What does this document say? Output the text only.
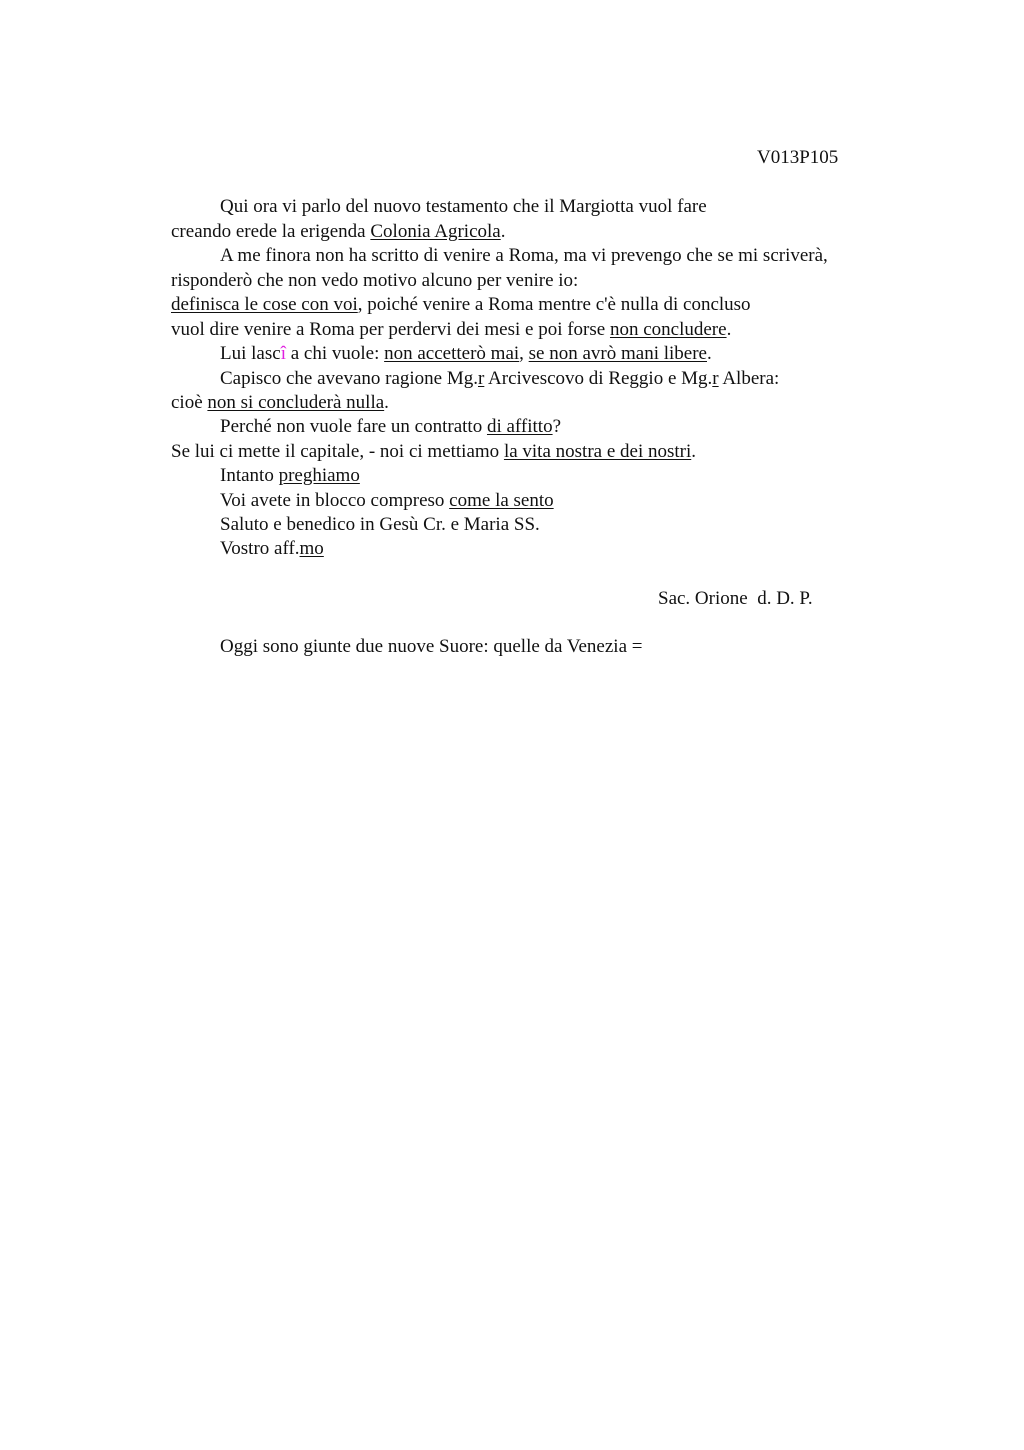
V013P105
Qui ora vi parlo del nuovo testamento che il Margiotta vuol fare
creando erede la erigenda Colonia Agricola.
A me finora non ha scritto di venire a Roma, ma vi prevengo che se mi scriverà,
risponderò che non vedo motivo alcuno per venire io:
definisca le cose con voi, poiché venire a Roma mentre c'è nulla di concluso
vuol dire venire a Roma per perdervi dei mesi e poi forse non concludere.
Lui lascî a chi vuole: non accetterò mai, se non avrò mani libere.
Capisco che avevano ragione Mg.r Arcivescovo di Reggio e Mg.r Albera:
cioè non si concluderà nulla.
Perché non vuole fare un contratto di affitto?
Se lui ci mette il capitale, - noi ci mettiamo la vita nostra e dei nostri.
Intanto preghiamo
Voi avete in blocco compreso come la sento
Saluto e benedico in Gesù Cr. e Maria SS.
Vostro aff.mo
Sac. Orione  d. D. P.
Oggi sono giunte due nuove Suore: quelle da Venezia =
